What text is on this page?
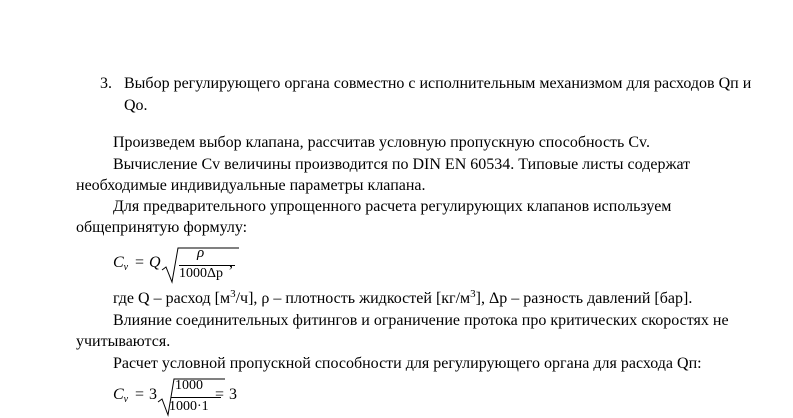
3. Выбор регулирующего органа совместно с исполнительным механизмом для расходов Qп и
Qо.
Произведем выбор клапана, рассчитав условную пропускную способность Cv.
Вычисление Cv величины производится по DIN EN 60534. Типовые листы содержат
необходимые индивидуальные параметры клапана.
Для предварительного упрощенного расчета регулирующих клапанов используем
общепринятую формулу:
$C_v = Q$
ρ
1000Δp
,
где Q – расход $[м^3/ч]$, ρ – плотность жидкостей $[кг/м^3]$, Δр – разность давлений [бар].
Влияние соединительных фитингов и ограничение протока про критических скоростях не
учитываются.
Расчет условной пропускной способности для регулирующего органа для расхода Qп:
$C_v = 3$
1000
1000·1
= 3
